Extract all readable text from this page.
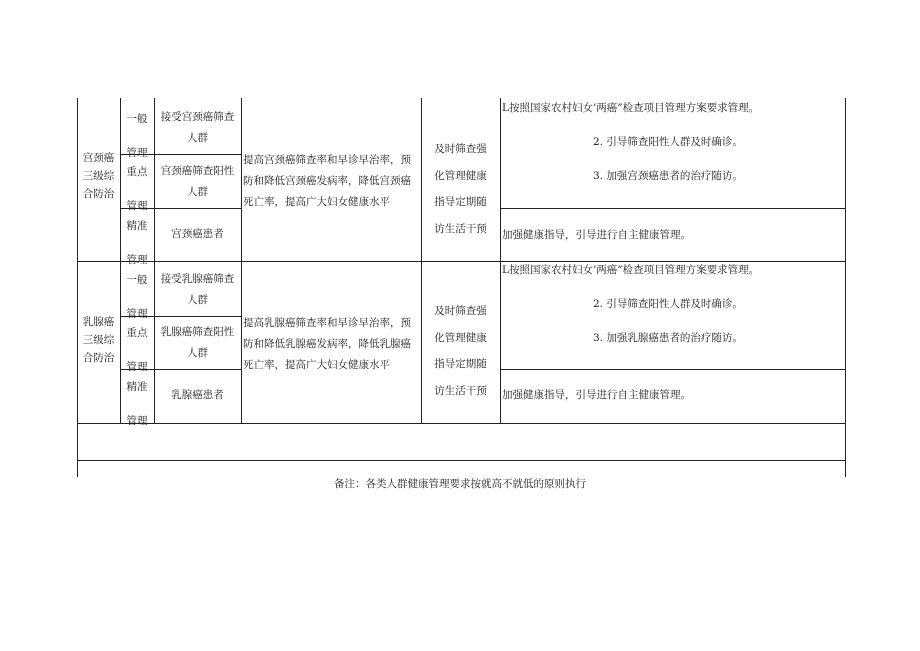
宫颈癌
三级综
合防治
一般
管理
接受宫颈癌筛查
人群
重点
管理
宫颈癌筛查阳性
人群
精准
管理
宫颈癌患者
提高宫颈癌筛查率和早诊早治率，预
防和降低宫颈癌发病率，降低宫颈癌
死亡率，提高广大妇女健康水平
及时筛查强
化管理健康
指导定期随
访生活干预
L按照国家农村妇女’两癌”检查项目管理方案要求管理。
2. 引导筛查阳性人群及时确诊。
3. 加强宫颈癌患者的治疗随访。
加强健康指导，引导进行自主健康管理。
乳腺癌
三级综
合防治
一般
管理
接受乳腺癌筛查
人群
重点
管理
乳腺癌筛查阳性
人群
精准
管理
乳腺癌患者
提高乳腺癌筛查率和早诊早治率，预
防和降低乳腺癌发病率，降低乳腺癌
死亡率，提高广大妇女健康水平
及时筛查强
化管理健康
指导定期随
访生活干预
L按照国家农村妇女’两癌”检查项目管理方案要求管理。
2. 引导筛查阳性人群及时确诊。
3. 加强乳腺癌患者的治疗随访。
加强健康指导，引导进行自主健康管理。
备注：各类人群健康管理要求按就高不就低的原则执行
